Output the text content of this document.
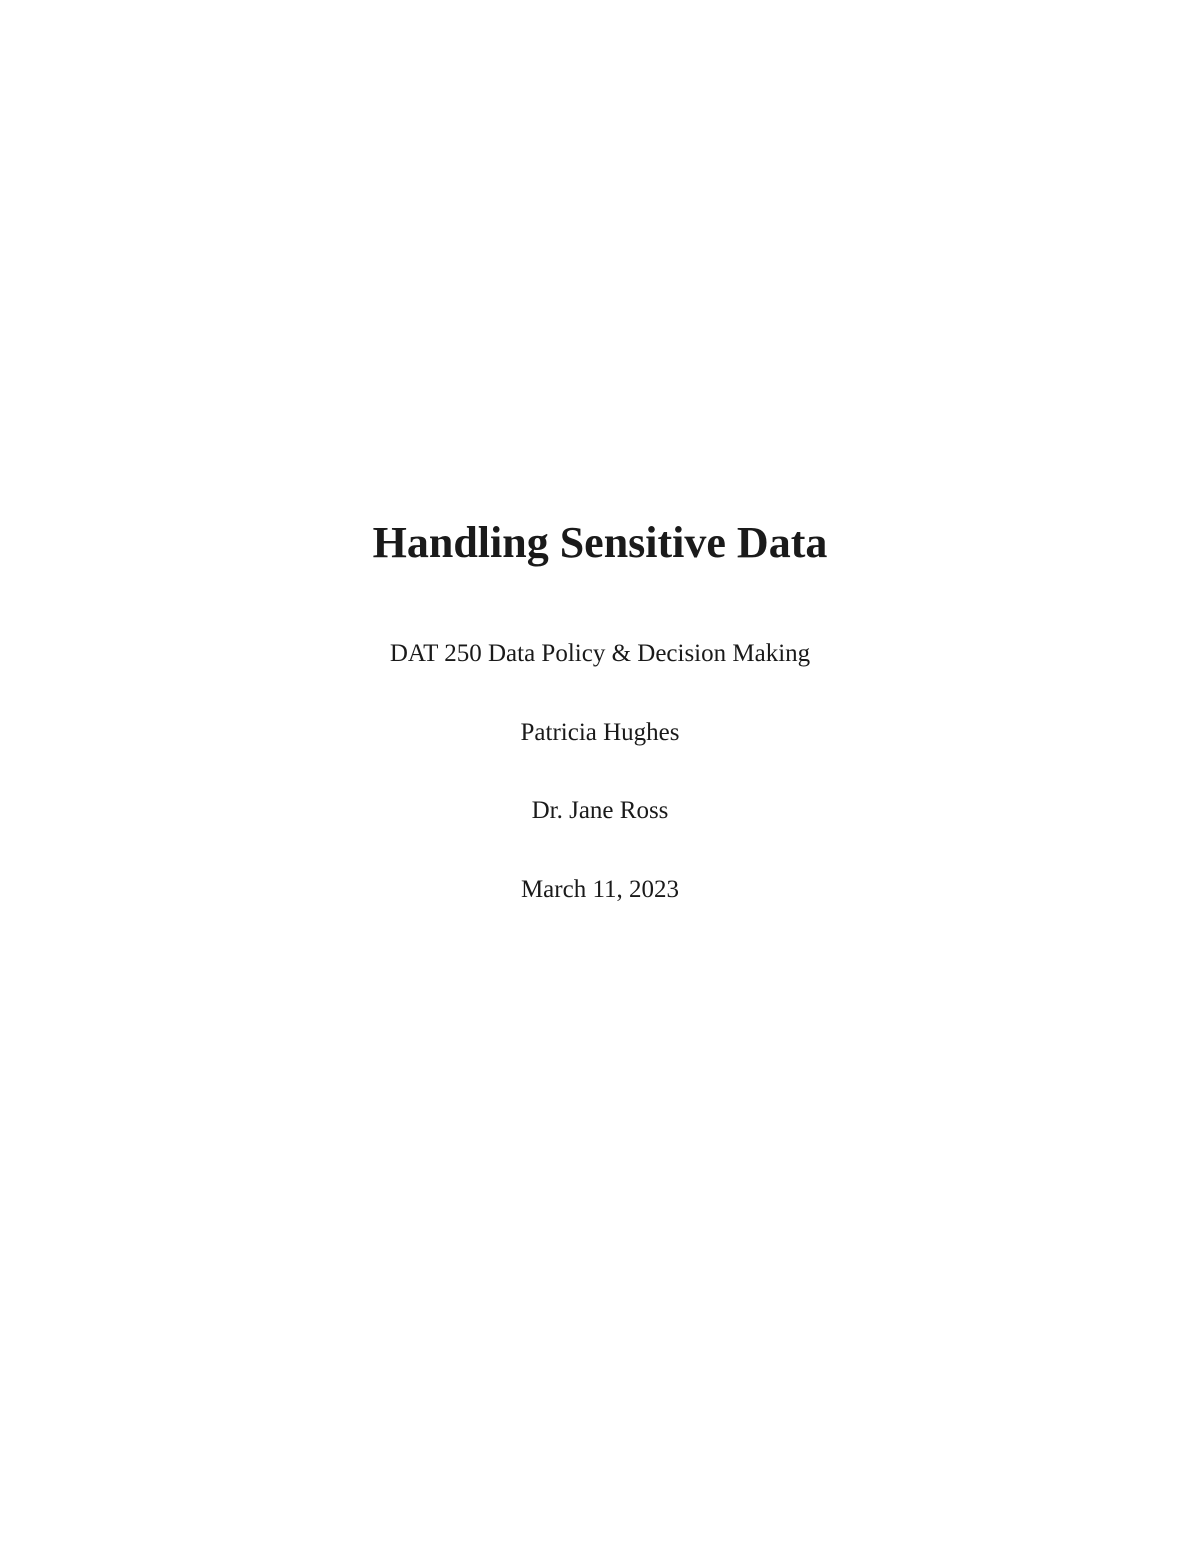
Handling Sensitive Data

DAT 250 Data Policy & Decision Making

Patricia Hughes

Dr. Jane Ross

March 11, 2023
